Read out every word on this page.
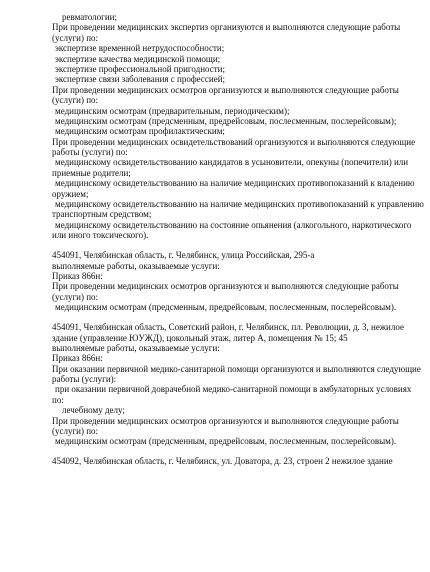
ревматологии;
При проведении медицинских экспертиз организуются и выполняются следующие работы
(услуги) по:
экспертизе временной нетрудоспособности;
экспертизе качества медицинской помощи;
экспертизе профессиональной пригодности;
экспертизе связи заболевания с профессией;
При проведении медицинских осмотров организуются и выполняются следующие работы
(услуги) по:
медицинским осмотрам (предварительным, периодическим);
медицинским осмотрам (предсменным, предрейсовым, послесменным, послерейсовым);
медицинским осмотрам профилактическим;
При проведении медицинских освидетельствований организуются и выполняются следующие
работы (услуги) по:
медицинскому освидетельствованию кандидатов в усыновители, опекуны (попечители) или
приемные родители;
медицинскому освидетельствованию на наличие медицинских противопоказаний к владению
оружием;
медицинскому освидетельствованию на наличие медицинских противопоказаний к управлению
транспортным средством;
медицинскому освидетельствованию на состояние опьянения (алкогольного, наркотического
или иного токсического).
454091, Челябинская область, г. Челябинск, улица Российская, 295-а
выполняемые работы, оказываемые услуги:
Приказ 866н:
При проведении медицинских осмотров организуются и выполняются следующие работы
(услуги) по:
медицинским осмотрам (предсменным, предрейсовым, послесменным, послерейсовым).
454091, Челябинская область, Советский район, г. Челябинск, пл. Революции, д. 3, нежилое
здание (управление ЮУЖД), цокольный этаж, литер А, помещения № 15; 45
выполняемые работы, оказываемые услуги:
Приказ 866н:
При оказании первичной медико-санитарной помощи организуются и выполняются следующие
работы (услуги):
при оказании первичной доврачебной медико-санитарной помощи в амбулаторных условиях
по:
лечебному делу;
При проведении медицинских осмотров организуются и выполняются следующие работы
(услуги) по:
медицинским осмотрам (предсменным, предрейсовым, послесменным, послерейсовым).
454092, Челябинская область, г. Челябинск, ул. Доватора, д. 23, строен 2 нежилое здание
